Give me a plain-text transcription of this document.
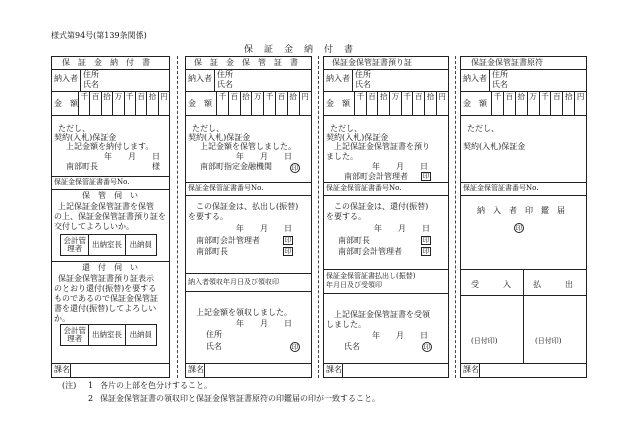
様式第94号(第139条関係)
保　証　金　納　付　書
保　証　金　納　付　書
納入者 住所
氏名
金　額
千 百 拾 万 千 百 拾 円
ただし、
契約(入札)保証金
上記金額を納付します。
年　　月　　日
南部町長	様
保証金保管証書番号No.
保　管　伺　い
上記保証金保管証書を保管
の上、保証金保管証書預り証を
交付してよろしいか。
会計管理者	出納室長	出納員
還　付　伺　い
保証金保管証書預り証表示
のとおり還付(振替)を要する
ものであるので保証金保管証
書を還付(振替)してよろしい
か。
会計管理者	出納室長	出納員
課名
保　証　金　保　管　証　書
納入者 住所
氏名
金　額
千 百 拾 万 千 百 拾 円
ただし、
契約(入札)保証金
上記金額を保管しました。
年　　月　　日
南部町指定金融機関	印
保証金保管証書番号No.
この保証金は、払出し(振替)
を要する。
年　　月　　日
南部町会計管理者	印
南部町長	印
納入者領収年月日及び領収印
上記金額を領収しました。
年　　月　　日
住所
氏名	印
課名
保証金保管証書預り証
納入者 住所
氏名
金　額
千 百 拾 万 千 百 拾 円
ただし、
契約(入札)保証金
上記保証金保管証書を預り
ました。
年　　月　　日
南部町会計管理者 印
保証金保管証書番号No.
この保証金は、還付(振替)
を要する。
年　　月　　日
南部町長	印
南部町会計管理者	印
保証金保管証書払出し(振替)
年月日及び受領印
上記保証金保管証書を受領
しました。
年　　月　　日
氏名	印
課名
保証金保管証書原符
納入者 住所
氏名
金　額
千 百 拾 万 千 百 拾 円
ただし、
契約(入札)保証金
保証金保管証書番号No.
納　入　者　印　鑑　届
印
受　　　入	払　　　出
(日付印)	(日付印)
課名
(注) 1 各片の上部を色分けすること。
2 保証金保管証書の領収印と保証金保管証書原符の印鑑届の印が一致すること。
